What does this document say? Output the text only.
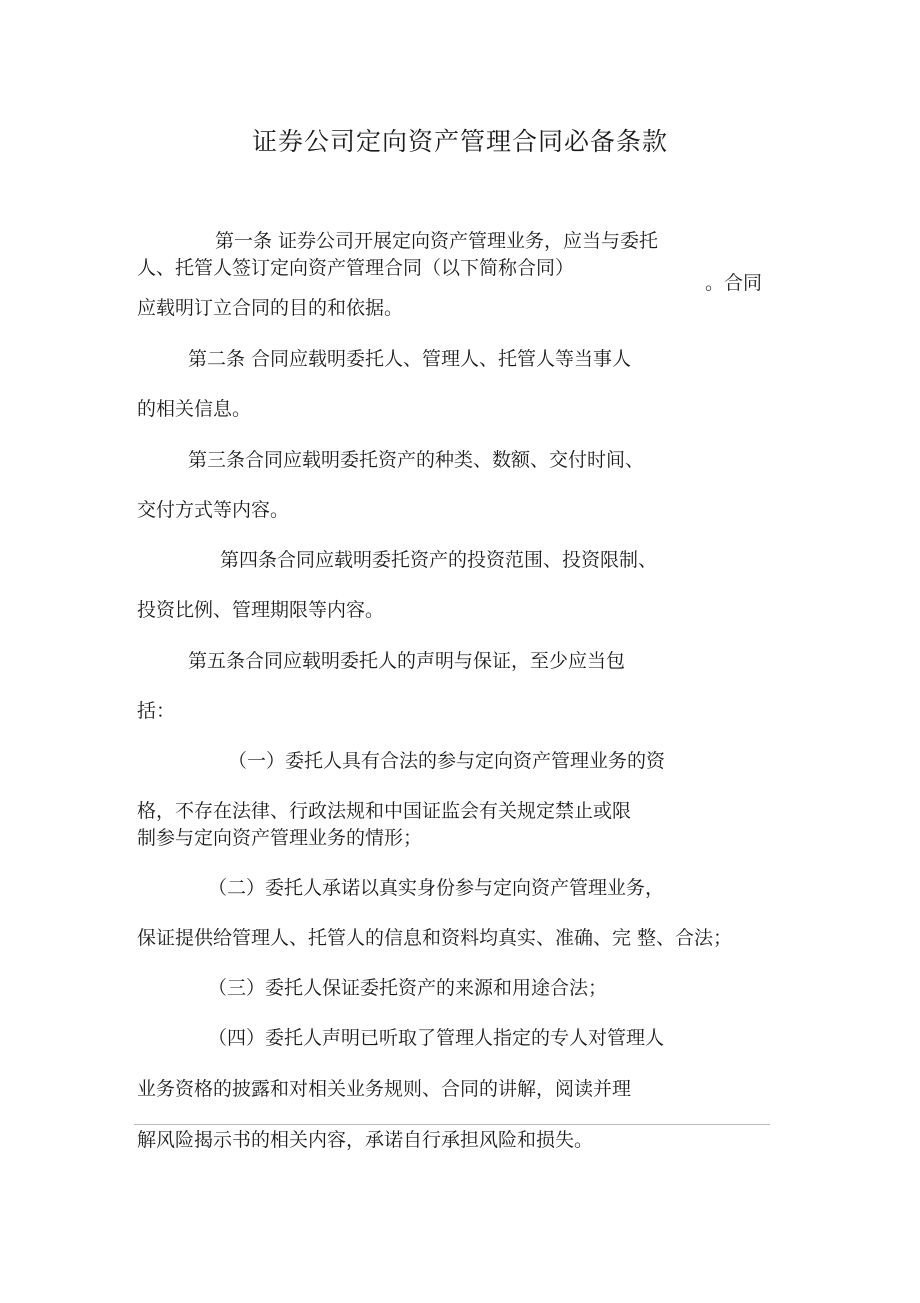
证券公司定向资产管理合同必备条款
第一条 证券公司开展定向资产管理业务，应当与委托
人、托管人签订定向资产管理合同（以下简称合同）
。合同
应载明订立合同的目的和依据。
第二条 合同应载明委托人、管理人、托管人等当事人
的相关信息。
第三条合同应载明委托资产的种类、数额、交付时间、
交付方式等内容。
第四条合同应载明委托资产的投资范围、投资限制、
投资比例、管理期限等内容。
第五条合同应载明委托人的声明与保证，至少应当包
括：
（一）委托人具有合法的参与定向资产管理业务的资
格，不存在法律、行政法规和中国证监会有关规定禁止或限
制参与定向资产管理业务的情形；
（二）委托人承诺以真实身份参与定向资产管理业务，
保证提供给管理人、托管人的信息和资料均真实、准确、完 整、合法；
（三）委托人保证委托资产的来源和用途合法；
（四）委托人声明已听取了管理人指定的专人对管理人
业务资格的披露和对相关业务规则、合同的讲解，阅读并理
解风险揭示书的相关内容，承诺自行承担风险和损失。
